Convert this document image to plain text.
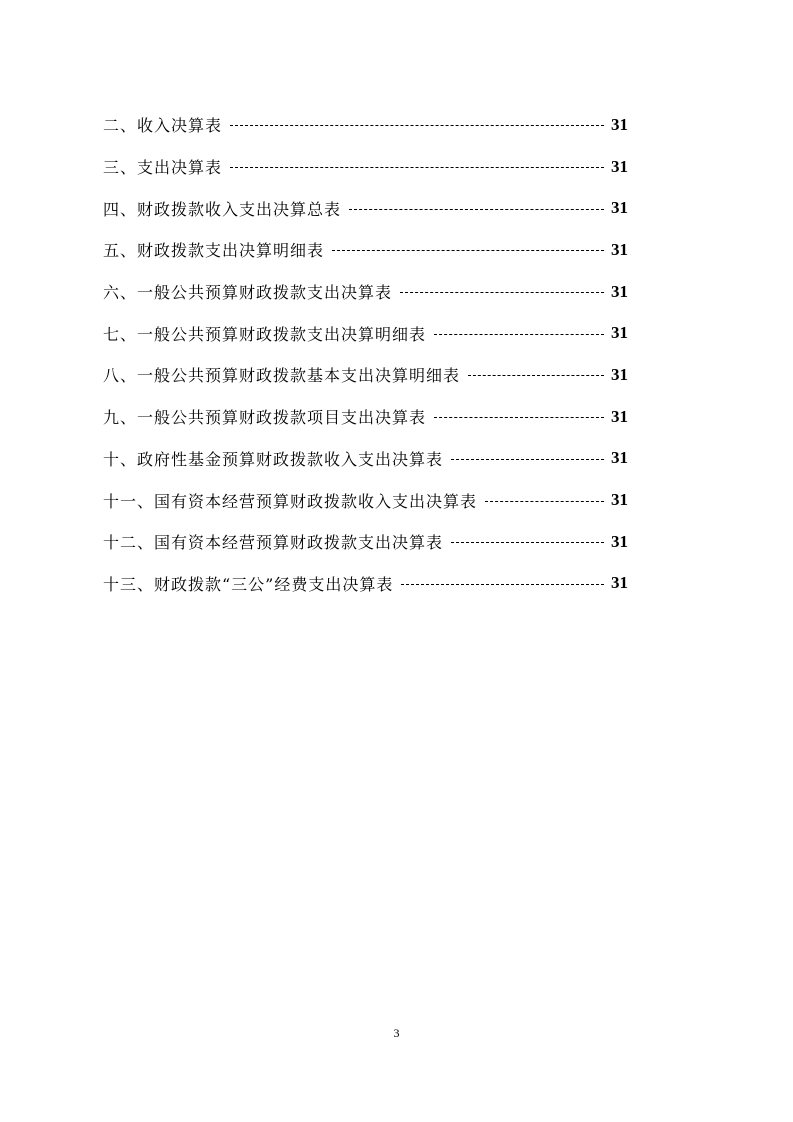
二、收入决算表	31
三、支出决算表	31
四、财政拨款收入支出决算总表	31
五、财政拨款支出决算明细表	31
六、一般公共预算财政拨款支出决算表	31
七、一般公共预算财政拨款支出决算明细表	31
八、一般公共预算财政拨款基本支出决算明细表	31
九、一般公共预算财政拨款项目支出决算表	31
十、政府性基金预算财政拨款收入支出决算表	31
十一、国有资本经营预算财政拨款收入支出决算表	31
十二、国有资本经营预算财政拨款支出决算表	31
十三、财政拨款“三公”经费支出决算表	31
3
